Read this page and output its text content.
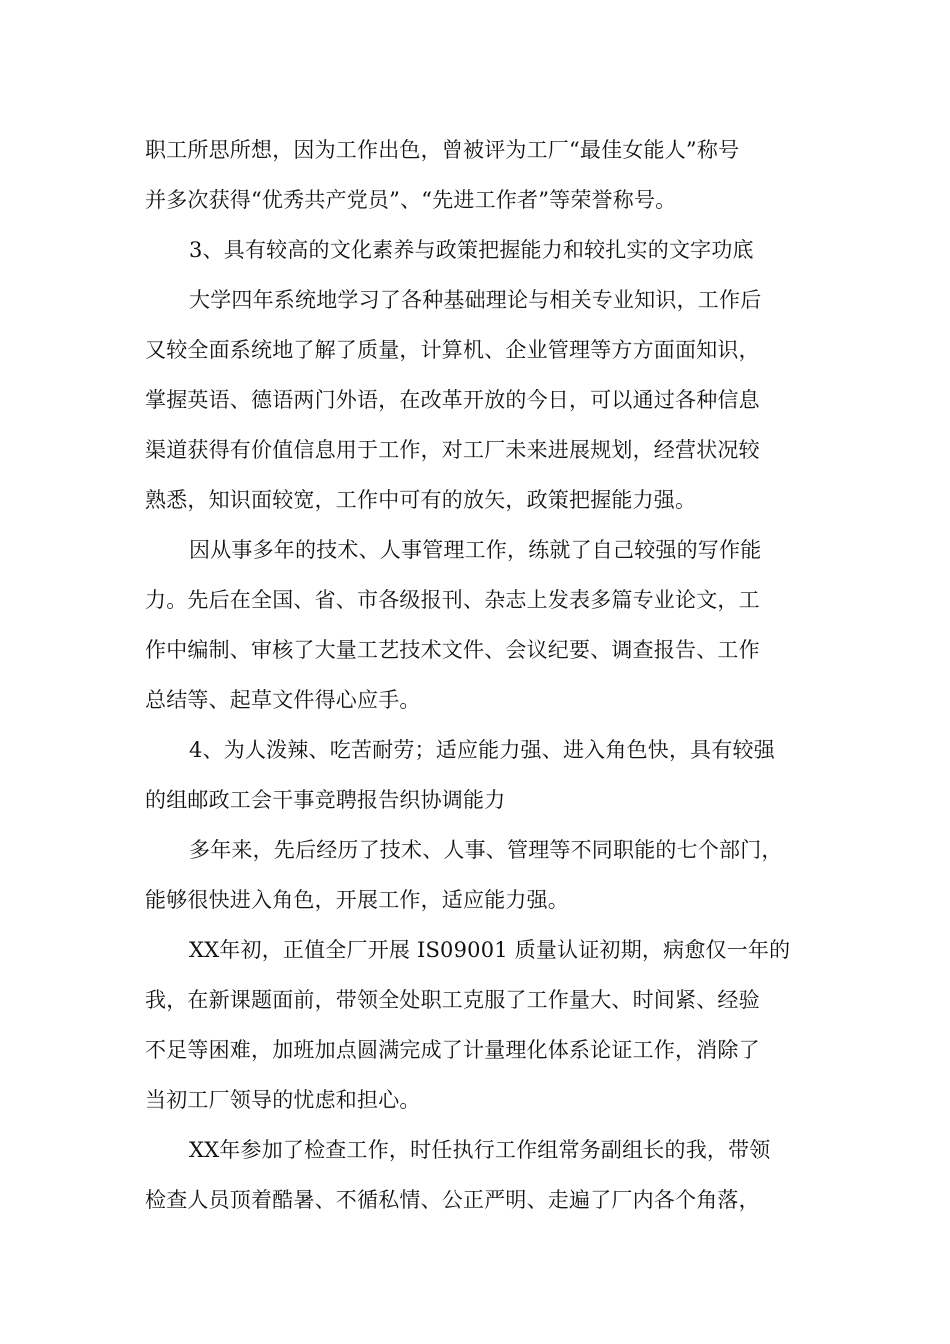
职工所思所想，因为工作出色，曾被评为工厂“最佳女能人”称号
并多次获得“优秀共产党员”、“先进工作者”等荣誉称号。
3、具有较高的文化素养与政策把握能力和较扎实的文字功底
大学四年系统地学习了各种基础理论与相关专业知识，工作后
又较全面系统地了解了质量，计算机、企业管理等方方面面知识，
掌握英语、德语两门外语，在改革开放的今日，可以通过各种信息
渠道获得有价值信息用于工作，对工厂未来进展规划，经营状况较
熟悉，知识面较宽，工作中可有的放矢，政策把握能力强。
因从事多年的技术、人事管理工作，练就了自己较强的写作能
力。先后在全国、省、市各级报刊、杂志上发表多篇专业论文，工
作中编制、审核了大量工艺技术文件、会议纪要、调查报告、工作
总结等、起草文件得心应手。
4、为人泼辣、吃苦耐劳；适应能力强、进入角色快，具有较强
的组邮政工会干事竞聘报告织协调能力
多年来，先后经历了技术、人事、管理等不同职能的七个部门，
能够很快进入角色，开展工作，适应能力强。
XX年初，正值全厂开展 IS09001 质量认证初期，病愈仅一年的
我，在新课题面前，带领全处职工克服了工作量大、时间紧、经验
不足等困难，加班加点圆满完成了计量理化体系论证工作，消除了
当初工厂领导的忧虑和担心。
XX年参加了检查工作，时任执行工作组常务副组长的我，带领
检查人员顶着酷暑、不循私情、公正严明、走遍了厂内各个角落，
